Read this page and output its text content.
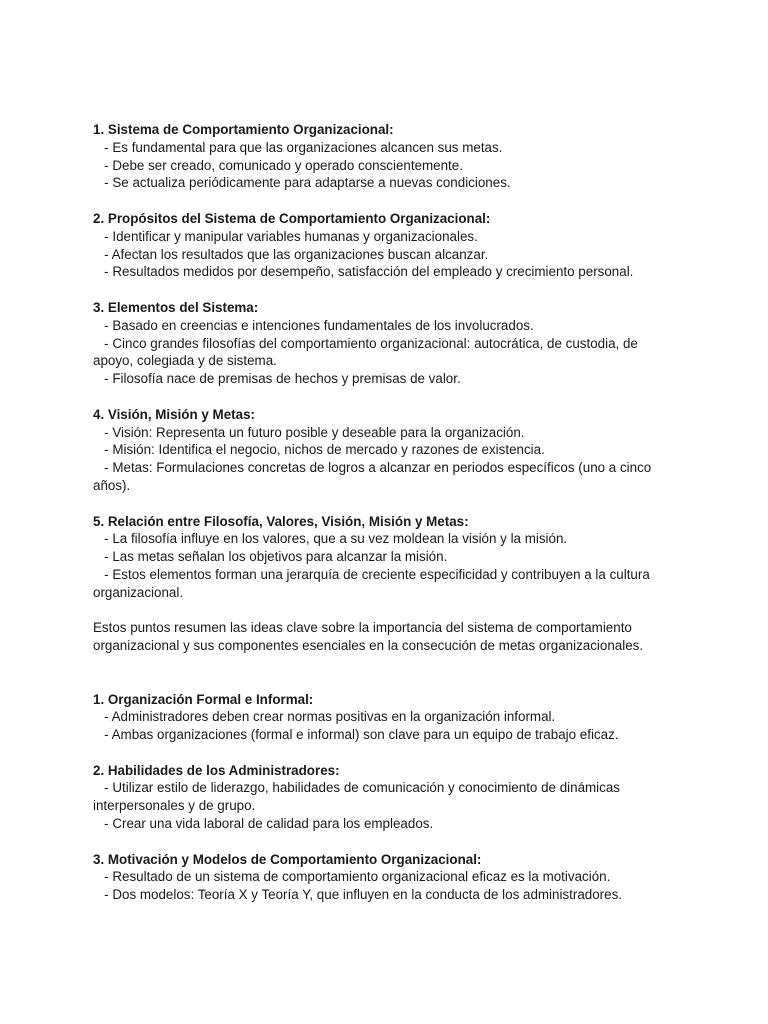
1. Sistema de Comportamiento Organizacional:

- Es fundamental para que las organizaciones alcancen sus metas.

- Debe ser creado, comunicado y operado conscientemente.

- Se actualiza periódicamente para adaptarse a nuevas condiciones.

2. Propósitos del Sistema de Comportamiento Organizacional:

- Identificar y manipular variables humanas y organizacionales.

- Afectan los resultados que las organizaciones buscan alcanzar.

- Resultados medidos por desempeño, satisfacción del empleado y crecimiento personal.

3. Elementos del Sistema:

- Basado en creencias e intenciones fundamentales de los involucrados.

- Cinco grandes filosofías del comportamiento organizacional: autocrática, de custodia, de apoyo, colegiada y de sistema.

- Filosofía nace de premisas de hechos y premisas de valor.

4. Visión, Misión y Metas:

- Visión: Representa un futuro posible y deseable para la organización.

- Misión: Identifica el negocio, nichos de mercado y razones de existencia.

- Metas: Formulaciones concretas de logros a alcanzar en periodos específicos (uno a cinco años).

5. Relación entre Filosofía, Valores, Visión, Misión y Metas:

- La filosofía influye en los valores, que a su vez moldean la visión y la misión.

- Las metas señalan los objetivos para alcanzar la misión.

- Estos elementos forman una jerarquía de creciente especificidad y contribuyen a la cultura organizacional.

Estos puntos resumen las ideas clave sobre la importancia del sistema de comportamiento organizacional y sus componentes esenciales en la consecución de metas organizacionales.

1. Organización Formal e Informal:

- Administradores deben crear normas positivas en la organización informal.

- Ambas organizaciones (formal e informal) son clave para un equipo de trabajo eficaz.

2. Habilidades de los Administradores:

- Utilizar estilo de liderazgo, habilidades de comunicación y conocimiento de dinámicas interpersonales y de grupo.

- Crear una vida laboral de calidad para los empleados.

3. Motivación y Modelos de Comportamiento Organizacional:

- Resultado de un sistema de comportamiento organizacional eficaz es la motivación.

- Dos modelos: Teoría X y Teoría Y, que influyen en la conducta de los administradores.
